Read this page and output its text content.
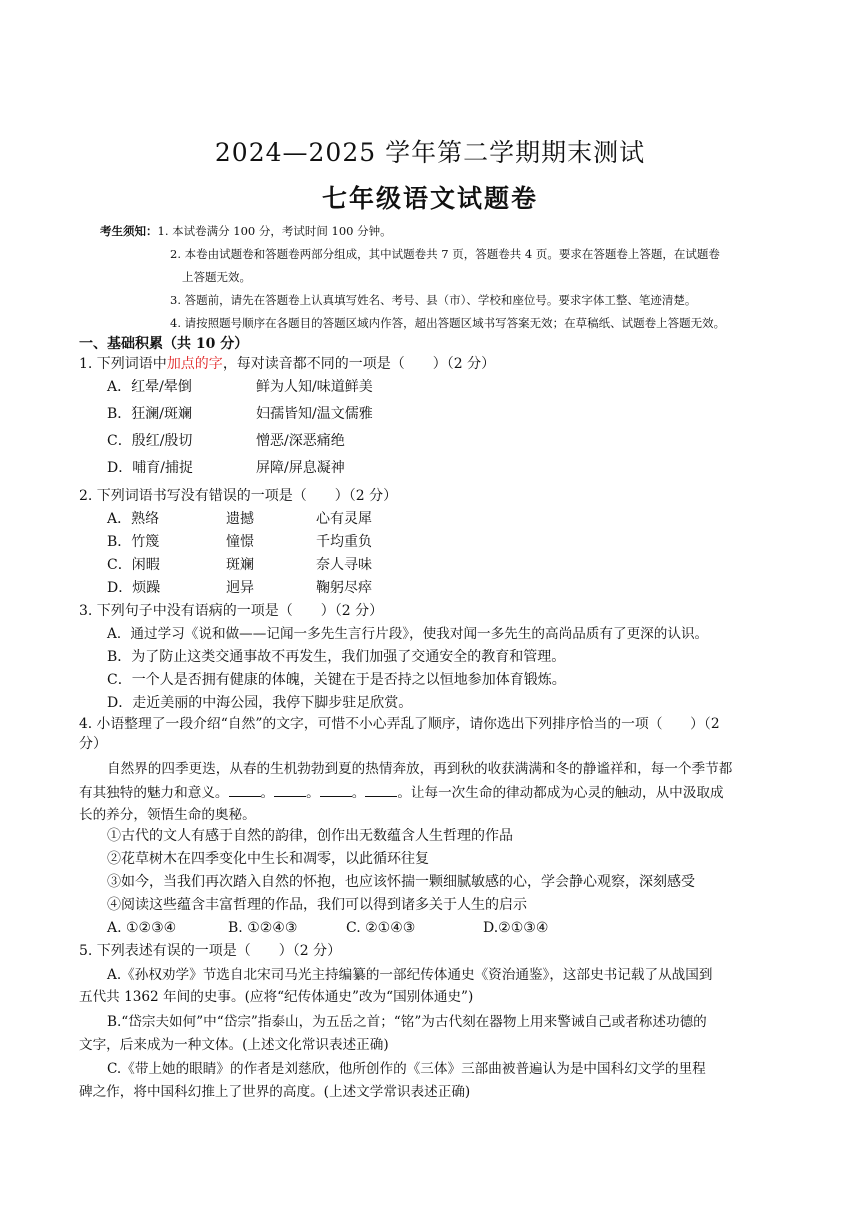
2024—2025 学年第二学期期末测试
七年级语文试题卷
考生须知：1. 本试卷满分 100 分，考试时间 100 分钟。
2. 本卷由试题卷和答题卷两部分组成，其中试题卷共 7 页，答题卷共 4 页。要求在答题卷上答题，在试题卷
上答题无效。
3. 答题前，请先在答题卷上认真填写姓名、考号、县（市）、学校和座位号。要求字体工整、笔迹清楚。
4. 请按照题号顺序在各题目的答题区域内作答，超出答题区域书写答案无效；在草稿纸、试题卷上答题无效。
一、基础积累（共 10 分）
1. 下列词语中加点的字，每对读音都不同的一项是（　　）（2 分）
A．红晕/晕倒	鲜为人知/味道鲜美
B．狂澜/斑斓	妇孺皆知/温文儒雅
C．殷红/殷切	憎恶/深恶痛绝
D．哺育/捕捉	屏障/屏息凝神
2. 下列词语书写没有错误的一项是（　　）（2 分）
A．熟络	遗撼	心有灵犀
B．竹篾	憧憬	千均重负
C．闲暇	斑斓	奈人寻味
D．烦躁	迥异	鞠躬尽瘁
3. 下列句子中没有语病的一项是（　　）（2 分）
A．通过学习《说和做——记闻一多先生言行片段》，使我对闻一多先生的高尚品质有了更深的认识。
B．为了防止这类交通事故不再发生，我们加强了交通安全的教育和管理。
C．一个人是否拥有健康的体魄，关键在于是否持之以恒地参加体育锻炼。
D．走近美丽的中海公园，我停下脚步驻足欣赏。
4. 小语整理了一段介绍“自然”的文字，可惜不小心弄乱了顺序，请你选出下列排序恰当的一项（　　）（2
分）
自然界的四季更迭，从春的生机勃勃到夏的热情奔放，再到秋的收获满满和冬的静谧祥和，每一个季节都
有其独特的魅力和意义。 。 。 。 。让每一次生命的律动都成为心灵的触动，从中汲取成
长的养分，领悟生命的奥秘。
①古代的文人有感于自然的韵律，创作出无数蕴含人生哲理的作品
②花草树木在四季变化中生长和凋零，以此循环往复
③如今，当我们再次踏入自然的怀抱，也应该怀揣一颗细腻敏感的心，学会静心观察，深刻感受
④阅读这些蕴含丰富哲理的作品，我们可以得到诸多关于人生的启示
A. ①②③④	B. ①②④③	C. ②①④③	D.②①③④
5. 下列表述有误的一项是（　　）（2 分）
A.《孙权劝学》节选自北宋司马光主持编纂的一部纪传体通史《资治通鉴》，这部史书记载了从战国到
五代共 1362 年间的史事。(应将“纪传体通史”改为“国别体通史”)
B.“岱宗夫如何”中“岱宗”指泰山，为五岳之首；“铭”为古代刻在器物上用来警诫自己或者称述功德的
文字，后来成为一种文体。(上述文化常识表述正确)
C.《带上她的眼睛》的作者是刘慈欣，他所创作的《三体》三部曲被普遍认为是中国科幻文学的里程
碑之作，将中国科幻推上了世界的高度。(上述文学常识表述正确)
